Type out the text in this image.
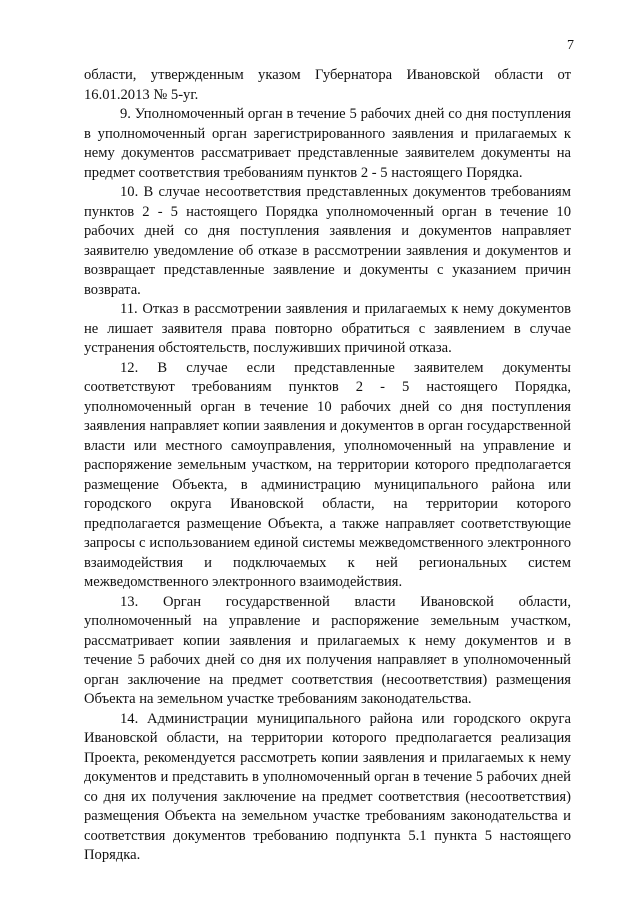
7

области, утвержденным указом Губернатора Ивановской области от 16.01.2013 № 5-уг.

9. Уполномоченный орган в течение 5 рабочих дней со дня поступления в уполномоченный орган зарегистрированного заявления и прилагаемых к нему документов рассматривает представленные заявителем документы на предмет соответствия требованиям пунктов 2 - 5 настоящего Порядка.

10. В случае несоответствия представленных документов требованиям пунктов 2 - 5 настоящего Порядка уполномоченный орган в течение 10 рабочих дней со дня поступления заявления и документов направляет заявителю уведомление об отказе в рассмотрении заявления и документов и возвращает представленные заявление и документы с указанием причин возврата.

11. Отказ в рассмотрении заявления и прилагаемых к нему документов не лишает заявителя права повторно обратиться с заявлением в случае устранения обстоятельств, послуживших причиной отказа.

12. В случае если представленные заявителем документы соответствуют требованиям пунктов 2 - 5 настоящего Порядка, уполномоченный орган в течение 10 рабочих дней со дня поступления заявления направляет копии заявления и документов в орган государственной власти или местного самоуправления, уполномоченный на управление и распоряжение земельным участком, на территории которого предполагается размещение Объекта, в администрацию муниципального района или городского округа Ивановской области, на территории которого предполагается размещение Объекта, а также направляет соответствующие запросы с использованием единой системы межведомственного электронного взаимодействия и подключаемых к ней региональных систем межведомственного электронного взаимодействия.

13. Орган государственной власти Ивановской области, уполномоченный на управление и распоряжение земельным участком, рассматривает копии заявления и прилагаемых к нему документов и в течение 5 рабочих дней со дня их получения направляет в уполномоченный орган заключение на предмет соответствия (несоответствия) размещения Объекта на земельном участке требованиям законодательства.

14. Администрации муниципального района или городского округа Ивановской области, на территории которого предполагается реализация Проекта, рекомендуется рассмотреть копии заявления и прилагаемых к нему документов и представить в уполномоченный орган в течение 5 рабочих дней со дня их получения заключение на предмет соответствия (несоответствия) размещения Объекта на земельном участке требованиям законодательства и соответствия документов требованию подпункта 5.1 пункта 5 настоящего Порядка.
